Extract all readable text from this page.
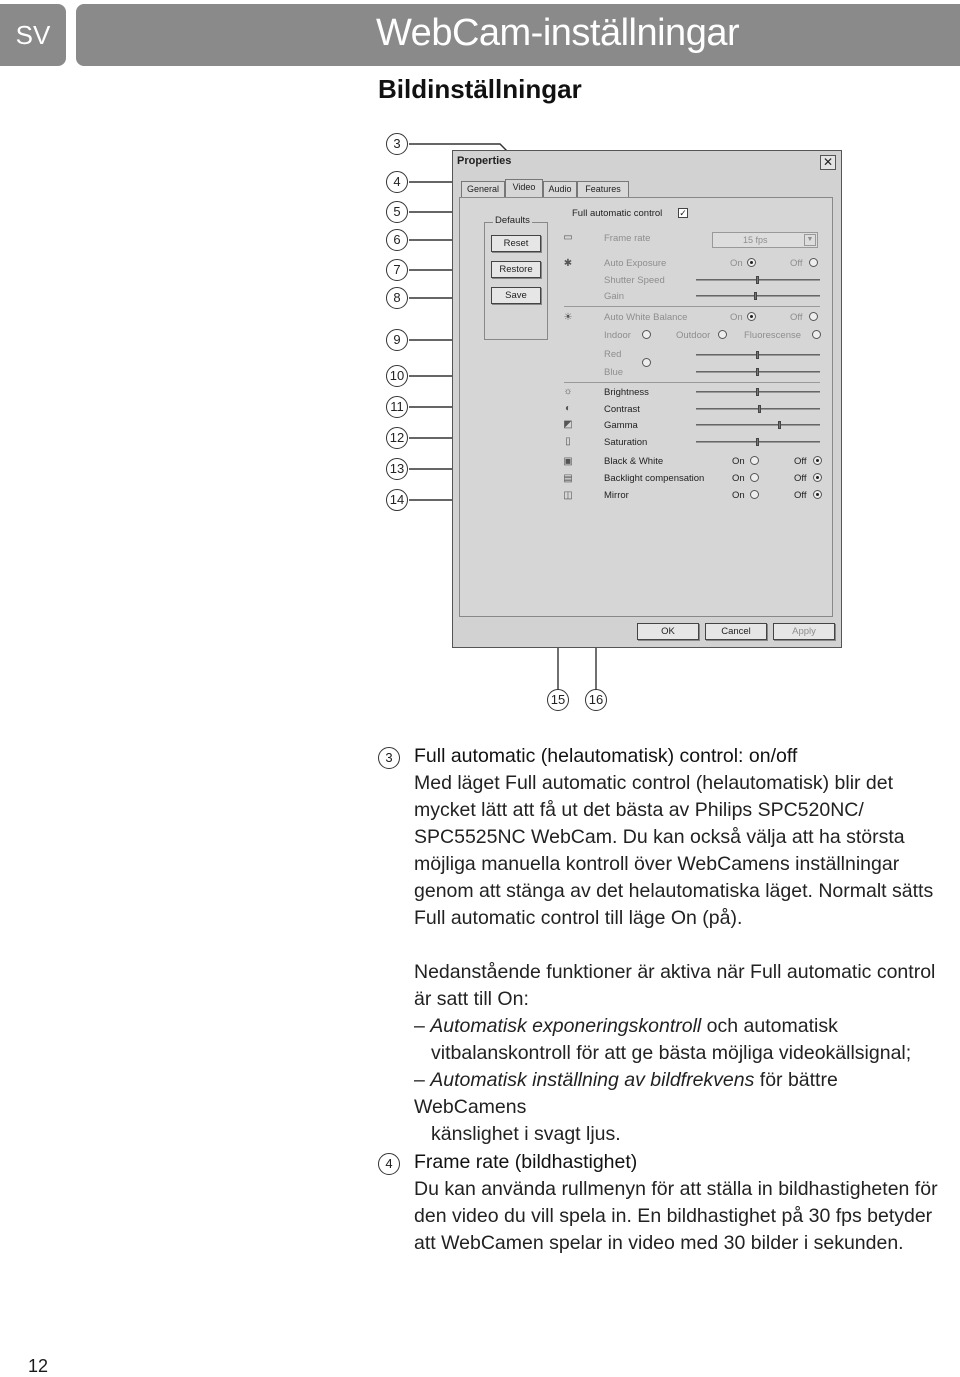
SV	WebCam-inställningar
Bildinställningar
3
4
5
6
7
8
9
10
11
12
13
14
15 16
Properties	✕
General	Video	Audio	Features
Defaults
Reset
Restore
Save
Full automatic control ✓
▭	Frame rate	15 fps	▼
✱	Auto Exposure	On	Off
Shutter Speed
Gain
☀	Auto White Balance	On	Off
Indoor	Outdoor	Fluorescense
Red
Blue
☼	Brightness
◐	Contrast
◩	Gamma
▯	Saturation
▣	Black & White	On	Off
▤	Backlight compensation	On	Off
◫	Mirror	On	Off
OK	Cancel	Apply
3	Full automatic (helautomatisk) control: on/off
Med läget Full automatic control (helautomatisk) blir det
mycket lätt att få ut det bästa av Philips SPC520NC/
SPC5525NC WebCam. Du kan också välja att ha största
möjliga manuella kontroll över WebCamens inställningar
genom att stänga av det helautomatiska läget. Normalt sätts
Full automatic control till läge On (på).
Nedanstående funktioner är aktiva när Full automatic control
är satt till On:
– Automatisk exponeringskontroll och automatisk
vitbalanskontroll för att ge bästa möjliga videokällsignal;
– Automatisk inställning av bildfrekvens för bättre WebCamens
känslighet i svagt ljus.
4	Frame rate (bildhastighet)
Du kan använda rullmenyn för att ställa in bildhastigheten för
den video du vill spela in. En bildhastighet på 30 fps betyder
att WebCamen spelar in video med 30 bilder i sekunden.
12
